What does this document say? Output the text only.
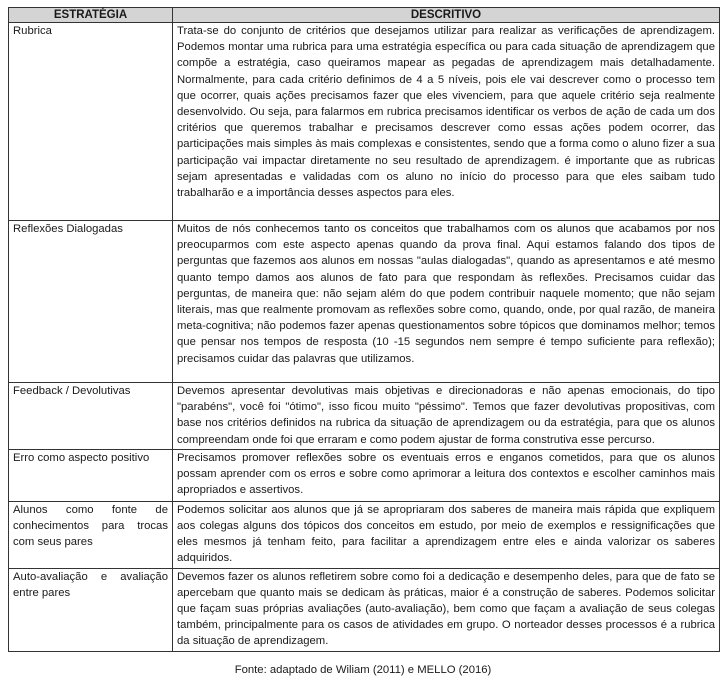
ESTRATÉGIA	DESCRITIVO
Rubrica	Trata-se do conjunto de critérios que desejamos utilizar para realizar as verificações de aprendizagem. Podemos montar uma rubrica para uma estratégia específica ou para cada situação de aprendizagem que compõe a estratégia, caso queiramos mapear as pegadas de aprendizagem mais detalhadamente. Normalmente, para cada critério definimos de 4 a 5 níveis, pois ele vai descrever como o processo tem que ocorrer, quais ações precisamos fazer que eles vivenciem, para que aquele critério seja realmente desenvolvido. Ou seja, para falarmos em rubrica precisamos identificar os verbos de ação de cada um dos critérios que queremos trabalhar e precisamos descrever como essas ações podem ocorrer, das participações mais simples às mais complexas e consistentes, sendo que a forma como o aluno fizer a sua participação vai impactar diretamente no seu resultado de aprendizagem. é importante que as rubricas sejam apresentadas e validadas com os aluno no início do processo para que eles saibam tudo trabalharão e a importância desses aspectos para eles.
Reflexões Dialogadas	Muitos de nós conhecemos tanto os conceitos que trabalhamos com os alunos que acabamos por nos preocuparmos com este aspecto apenas quando da prova final. Aqui estamos falando dos tipos de perguntas que fazemos aos alunos em nossas "aulas dialogadas", quando as apresentamos e até mesmo quanto tempo damos aos alunos de fato para que respondam às reflexões. Precisamos cuidar das perguntas, de maneira que: não sejam além do que podem contribuir naquele momento; que não sejam literais, mas que realmente promovam as reflexões sobre como, quando, onde, por qual razão, de maneira meta-cognitiva; não podemos fazer apenas questionamentos sobre tópicos que dominamos melhor; temos que pensar nos tempos de resposta (10 -15 segundos nem sempre é tempo suficiente para reflexão); precisamos cuidar das palavras que utilizamos.
Feedback / Devolutivas	Devemos apresentar devolutivas mais objetivas e direcionadoras e não apenas emocionais, do tipo "parabéns", você foi "ótimo", isso ficou muito "péssimo". Temos que fazer devolutivas propositivas, com base nos critérios definidos na rubrica da situação de aprendizagem ou da estratégia, para que os alunos compreendam onde foi que erraram e como podem ajustar de forma construtiva esse percurso.
Erro como aspecto positivo	Precisamos promover reflexões sobre os eventuais erros e enganos cometidos, para que os alunos possam aprender com os erros e sobre como aprimorar a leitura dos contextos e escolher caminhos mais apropriados e assertivos.
Alunos como fonte de conhecimentos para trocas com seus pares	Podemos solicitar aos alunos que já se apropriaram dos saberes de maneira mais rápida que expliquem aos colegas alguns dos tópicos dos conceitos em estudo, por meio de exemplos e ressignificações que eles mesmos já tenham feito, para facilitar a aprendizagem entre eles e ainda valorizar os saberes adquiridos.
Auto-avaliação e avaliação entre pares	Devemos fazer os alunos refletirem sobre como foi a dedicação e desempenho deles, para que de fato se apercebam que quanto mais se dedicam às práticas, maior é a construção de saberes. Podemos solicitar que façam suas próprias avaliações (auto-avaliação), bem como que façam a avaliação de seus colegas também, principalmente para os casos de atividades em grupo. O norteador desses processos é a rubrica da situação de aprendizagem.
Fonte: adaptado de Wiliam (2011) e MELLO (2016)
